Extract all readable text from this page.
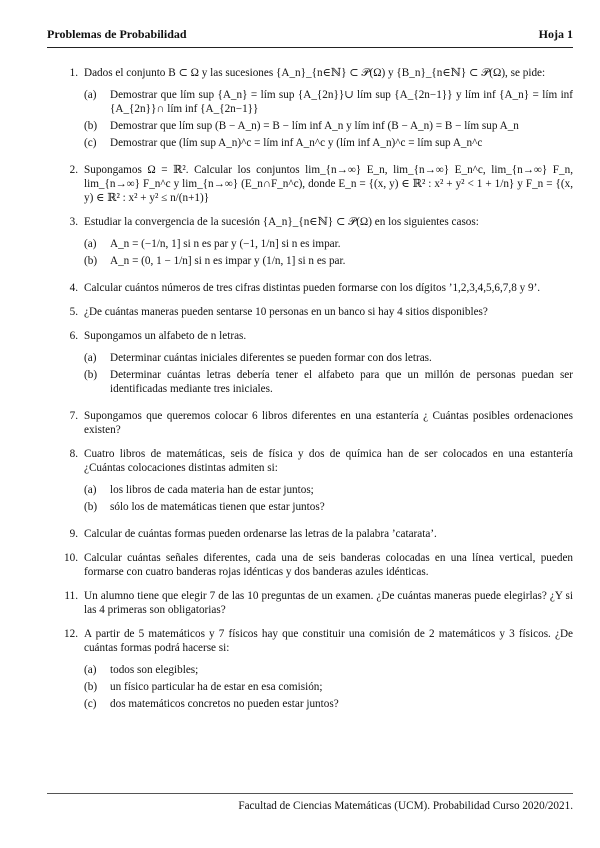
Problemas de Probabilidad	Hoja 1
1. Dados el conjunto B ⊂ Ω y las sucesiones {A_n}_{n∈ℕ} ⊂ 𝒫(Ω) y {B_n}_{n∈ℕ} ⊂ 𝒫(Ω), se pide:
(a)	Demostrar que lím sup {A_n} = lím sup {A_{2n}}∪ lím sup {A_{2n−1}} y lím inf {A_n} = lím inf {A_{2n}}∩ lím inf {A_{2n−1}}
(b)	Demostrar que lím sup (B − A_n) = B − lím inf A_n y lím inf (B − A_n) = B − lím sup A_n
(c)	Demostrar que (lím sup A_n)^c = lím inf A_n^c y (lím inf A_n)^c = lím sup A_n^c
2. Supongamos Ω = ℝ². Calcular los conjuntos lim_{n→∞} E_n, lim_{n→∞} E_n^c, lim_{n→∞} F_n, lim_{n→∞} F_n^c y lim_{n→∞} (E_n∩F_n^c), donde E_n = {(x, y) ∈ ℝ² : x² + y² < 1 + 1/n} y F_n = {(x, y) ∈ ℝ² : x² + y² ≤ n/(n+1)}
3. Estudiar la convergencia de la sucesión {A_n}_{n∈ℕ} ⊂ 𝒫(Ω) en los siguientes casos:
(a)	A_n = (−1/n, 1] si n es par y (−1, 1/n] si n es impar.
(b)	A_n = (0, 1 − 1/n] si n es impar y (1/n, 1] si n es par.
4. Calcular cuántos números de tres cifras distintas pueden formarse con los dígitos ’1,2,3,4,5,6,7,8 y 9’.
5. ¿De cuántas maneras pueden sentarse 10 personas en un banco si hay 4 sitios disponibles?
6. Supongamos un alfabeto de n letras.
(a)	Determinar cuántas iniciales diferentes se pueden formar con dos letras.
(b)	Determinar cuántas letras debería tener el alfabeto para que un millón de personas puedan ser identificadas mediante tres iniciales.
7. Supongamos que queremos colocar 6 libros diferentes en una estantería ¿ Cuántas posibles ordenaciones existen?
8. Cuatro libros de matemáticas, seis de física y dos de química han de ser colocados en una estantería ¿Cuántas colocaciones distintas admiten si:
(a)	los libros de cada materia han de estar juntos;
(b)	sólo los de matemáticas tienen que estar juntos?
9. Calcular de cuántas formas pueden ordenarse las letras de la palabra ’catarata’.
10. Calcular cuántas señales diferentes, cada una de seis banderas colocadas en una línea vertical, pueden formarse con cuatro banderas rojas idénticas y dos banderas azules idénticas.
11. Un alumno tiene que elegir 7 de las 10 preguntas de un examen. ¿De cuántas maneras puede elegirlas? ¿Y si las 4 primeras son obligatorias?
12. A partir de 5 matemáticos y 7 físicos hay que constituir una comisión de 2 matemáticos y 3 físicos. ¿De cuántas formas podrá hacerse si:
(a)	todos son elegibles;
(b)	un físico particular ha de estar en esa comisión;
(c)	dos matemáticos concretos no pueden estar juntos?
Facultad de Ciencias Matemáticas (UCM). Probabilidad Curso 2020/2021.
